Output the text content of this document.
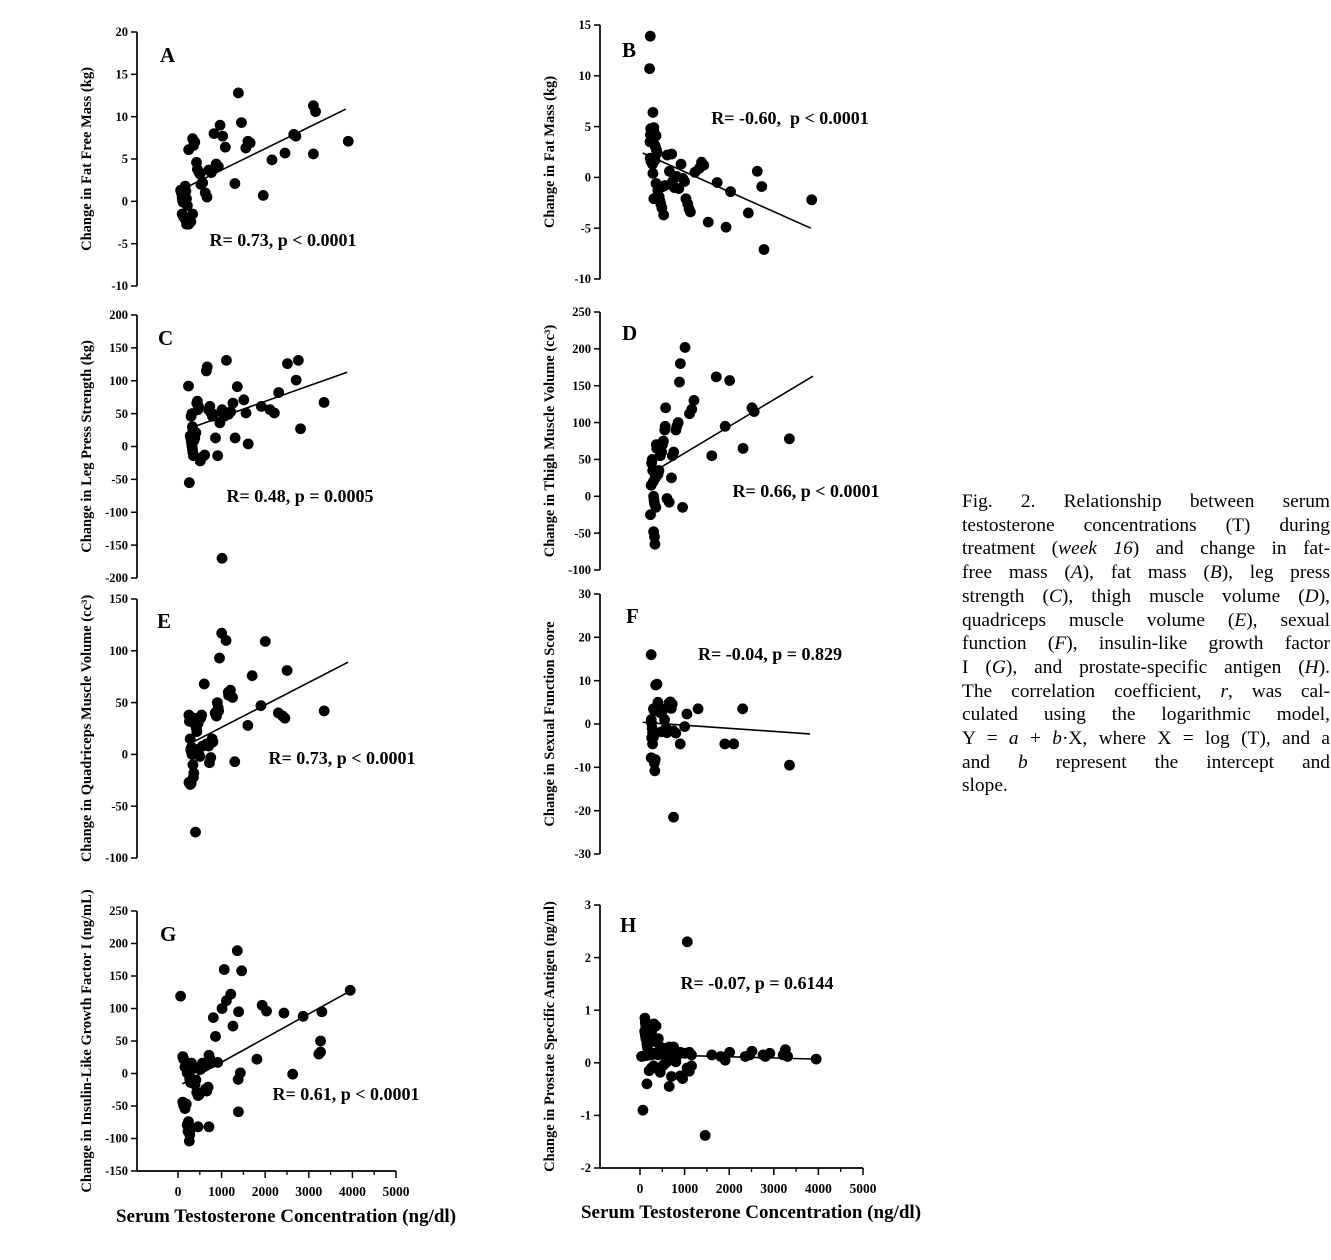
20
15
10
5
0
-5
-10
Change in Fat Free Mass (kg)
A
R= 0.73, p < 0.0001
15
10
5
0
-5
-10
Change in Fat Mass (kg)
B
R= -0.60,  p < 0.0001
200
150
100
50
0
-50
-100
-150
-200
Change in Leg Press Strength (kg)
C
R= 0.48, p = 0.0005
250
200
150
100
50
0
-50
-100
Change in Thigh Muscle Volume (cc³)	D
R= 0.66, p < 0.0001
150
100
50
0
-50
-100
Change in Quadriceps Muscle Volume (cc³)	E
R= 0.73, p < 0.0001
30
20
10
0
-10
-20
-30
Change in Sexual Function Score
F
R= -0.04, p = 0.829
250
200
150
100
50
0
-50
-100
-150
Change in Insulin-Like Growth Factor I (ng/mL)	G
R= 0.61, p < 0.0001
0 1000 2000 3000 4000 5000
3
2
1
0
-1
-2
Change in Prostate Specific Antigen (ng/ml)	H
R= -0.07, p = 0.6144
0 1000 2000 3000 4000 5000
Serum Testosterone Concentration (ng/dl)	Serum Testosterone Concentration (ng/dl)
Fig. 2. Relationship between serum
testosterone concentrations (T) during
treatment (week 16) and change in fat-
free mass (A), fat mass (B), leg press
strength (C), thigh muscle volume (D),
quadriceps muscle volume (E), sexual
function (F), insulin-like growth factor
I (G), and prostate-specific antigen (H).
The correlation coefficient, r, was cal-
culated using the logarithmic model,
Y = a + b·X, where X = log (T), and a
and b represent the intercept and
slope.
